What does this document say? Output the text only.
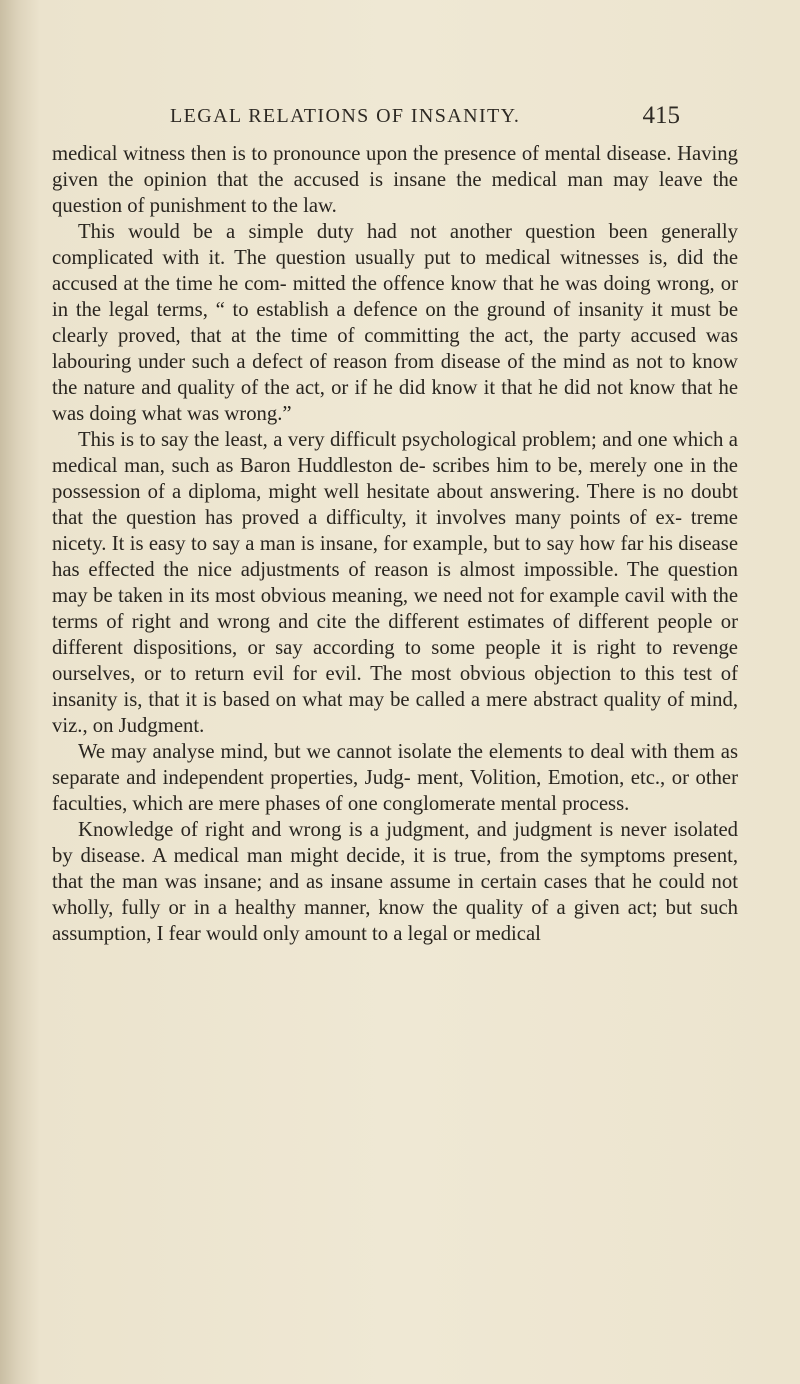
LEGAL RELATIONS OF INSANITY.	415

medical witness then is to pronounce upon the presence of mental disease. Having given the opinion that the accused is insane the medical man may leave the question of punishment to the law.

This would be a simple duty had not another question been generally complicated with it. The question usually put to medical witnesses is, did the accused at the time he com- mitted the offence know that he was doing wrong, or in the legal terms, “ to establish a defence on the ground of insanity it must be clearly proved, that at the time of committing the act, the party accused was labouring under such a defect of reason from disease of the mind as not to know the nature and quality of the act, or if he did know it that he did not know that he was doing what was wrong.”

This is to say the least, a very difficult psychological problem; and one which a medical man, such as Baron Huddleston de- scribes him to be, merely one in the possession of a diploma, might well hesitate about answering. There is no doubt that the question has proved a difficulty, it involves many points of ex- treme nicety. It is easy to say a man is insane, for example, but to say how far his disease has effected the nice adjustments of reason is almost impossible. The question may be taken in its most obvious meaning, we need not for example cavil with the terms of right and wrong and cite the different estimates of different people or different dispositions, or say according to some people it is right to revenge ourselves, or to return evil for evil. The most obvious objection to this test of insanity is, that it is based on what may be called a mere abstract quality of mind, viz., on Judgment.

We may analyse mind, but we cannot isolate the elements to deal with them as separate and independent properties, Judg- ment, Volition, Emotion, etc., or other faculties, which are mere phases of one conglomerate mental process.

Knowledge of right and wrong is a judgment, and judgment is never isolated by disease. A medical man might decide, it is true, from the symptoms present, that the man was insane; and as insane assume in certain cases that he could not wholly, fully or in a healthy manner, know the quality of a given act; but such assumption, I fear would only amount to a legal or medical
